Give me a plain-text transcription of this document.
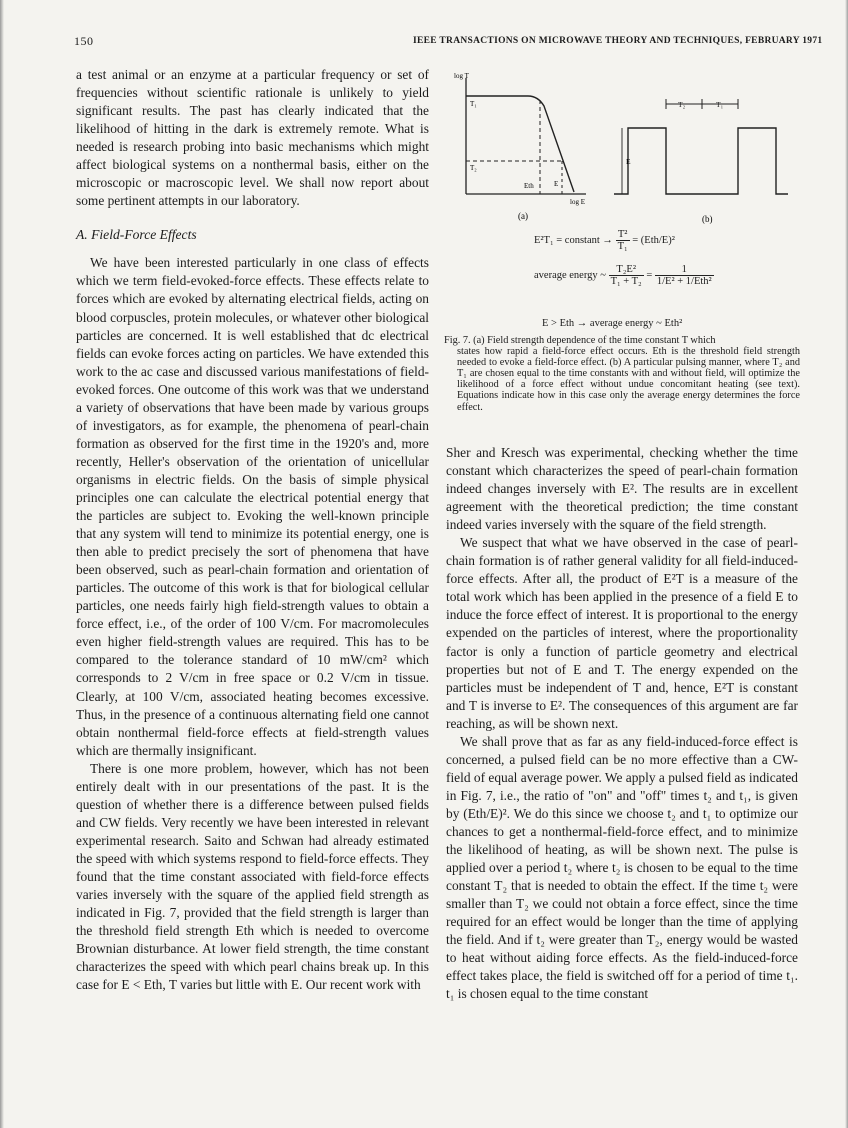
150	IEEE TRANSACTIONS ON MICROWAVE THEORY AND TECHNIQUES, FEBRUARY 1971

a test animal or an enzyme at a particular frequency or set of frequencies without scientific rationale is unlikely to yield significant results. The past has clearly indicated that the likelihood of hitting in the dark is extremely remote. What is needed is research probing into basic mechanisms which might affect biological systems on a nonthermal basis, either on the microscopic or macroscopic level. We shall now report about some pertinent attempts in our laboratory.

A. Field-Force Effects

We have been interested particularly in one class of effects which we term field-evoked-force effects. These effects relate to forces which are evoked by alternating electrical fields, acting on blood corpuscles, protein molecules, or whatever other biological particles are concerned. It is well established that dc electrical fields can evoke forces acting on particles. We have extended this work to the ac case and discussed various manifestations of field-evoked forces. One outcome of this work was that we understand a variety of observations that have been made by various groups of investigators, as for example, the phenomena of pearl-chain formation as observed for the first time in the 1920's and, more recently, Heller's observation of the orientation of unicellular organisms in electric fields. On the basis of simple physical principles one can calculate the electrical potential energy that the particles are subject to. Evoking the well-known principle that any system will tend to minimize its potential energy, one is then able to predict precisely the sort of phenomena that have been observed, such as pearl-chain formation and orientation of particles. The outcome of this work is that for biological cellular particles, one needs fairly high field-strength values to obtain a force effect, i.e., of the order of 100 V/cm. For macromolecules even higher field-strength values are required. This has to be compared to the tolerance standard of 10 mW/cm² which corresponds to 2 V/cm in free space or 0.2 V/cm in tissue. Clearly, at 100 V/cm, associated heating becomes excessive. Thus, in the presence of a continuous alternating field one cannot obtain nonthermal field-force effects at field-strength values which are thermally insignificant.

There is one more problem, however, which has not been entirely dealt with in our presentations of the past. It is the question of whether there is a difference between pulsed fields and CW fields. Very recently we have been interested in relevant experimental research. Saito and Schwan had already estimated the speed with which systems respond to field-force effects. They found that the time constant associated with field-force effects varies inversely with the square of the applied field strength as indicated in Fig. 7, provided that the field strength is larger than the threshold field strength Eth which is needed to overcome Brownian disturbance. At lower field strength, the time constant characterizes the speed with which pearl chains break up. In this case for E < Eth, T varies but little with E. Our recent work with

log T
log E
T₁
T₂
Eth	E
(a)
T₂	T₁
E
(b)
E²T₁ = constant → $\frac{\text{T²}}{\text{T₁}} = (Eth/E)^2$
average energy ~ $\frac{\text{T₂E²}}{\text{T₁ + T₂}} = \frac{1}{\text{1/E² + 1/Eth²}}$
E > Eth → average energy ~ Eth²
Fig. 7. (a) Field strength dependence of the time constant T which
states how rapid a field-force effect occurs. Eth is the threshold field strength needed to evoke a field-force effect. (b) A particular pulsing manner, where T₂ and T₁ are chosen equal to the time constants with and without field, will optimize the likelihood of a force effect without undue concomitant heating (see text). Equations indicate how in this case only the average energy determines the force effect.

Sher and Kresch was experimental, checking whether the time constant which characterizes the speed of pearl-chain formation indeed changes inversely with E². The results are in excellent agreement with the theoretical prediction; the time constant indeed varies inversely with the square of the field strength.

We suspect that what we have observed in the case of pearl-chain formation is of rather general validity for all field-induced-force effects. After all, the product of E²T is a measure of the total work which has been applied in the presence of a field E to induce the force effect of interest. It is proportional to the energy expended on the particles of interest, where the proportionality factor is only a function of particle geometry and electrical properties but not of E and T. The energy expended on the particles must be independent of T and, hence, E²T is constant and T is inverse to E². The consequences of this argument are far reaching, as will be shown next.

We shall prove that as far as any field-induced-force effect is concerned, a pulsed field can be no more effective than a CW-field of equal average power. We apply a pulsed field as indicated in Fig. 7, i.e., the ratio of "on" and "off" times t₂ and t₁, is given by (Eth/E)². We do this since we choose t₂ and t₁ to optimize our chances to get a nonthermal-field-force effect, and to minimize the likelihood of heating, as will be shown next. The pulse is applied over a period t₂ where t₂ is chosen to be equal to the time constant T₂ that is needed to obtain the effect. If the time t₂ were smaller than T₂ we could not obtain a force effect, since the time required for an effect would be longer than the time of applying the field. And if t₂ were greater than T₂, energy would be wasted to heat without aiding force effects. As the field-induced-force effect takes place, the field is switched off for a period of time t₁. t₁ is chosen equal to the time constant
